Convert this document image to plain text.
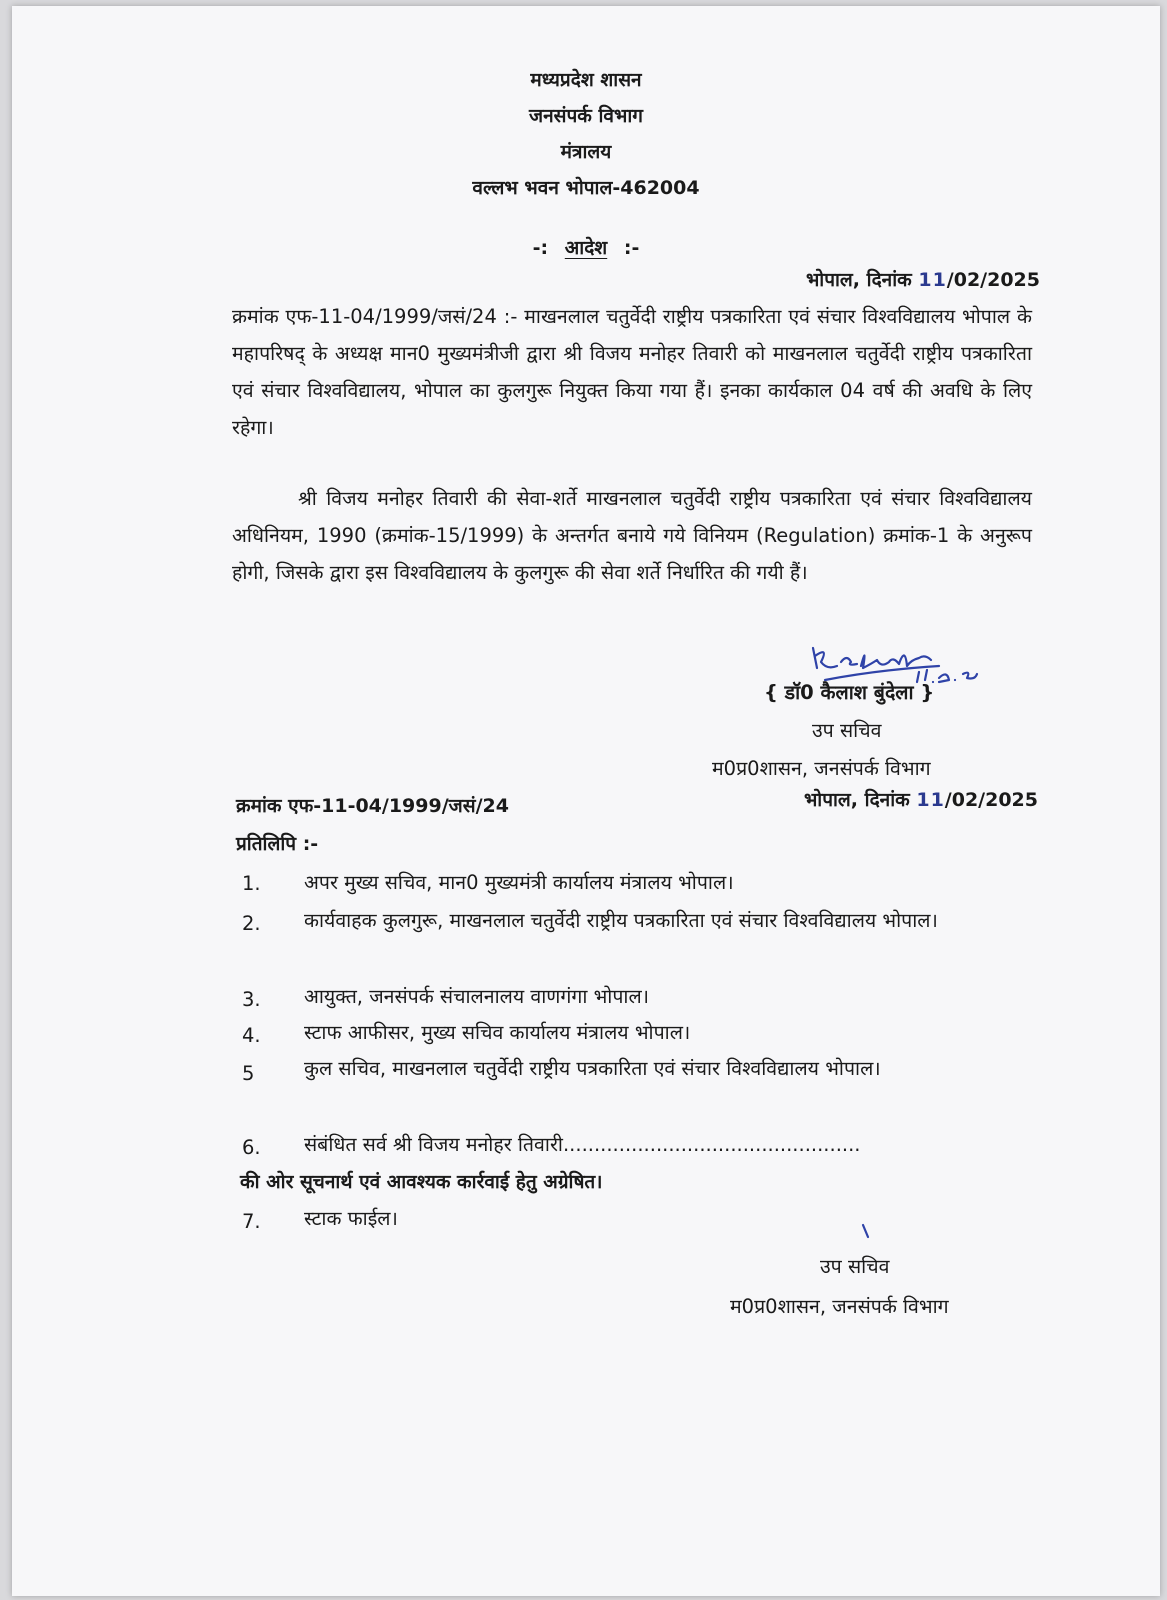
मध्यप्रदेश शासन
जनसंपर्क विभाग
मंत्रालय
वल्लभ भवन भोपाल-462004
-: आदेश :-
भोपाल, दिनांक 11/02/2025
क्रमांक एफ-11-04/1999/जसं/24 :- माखनलाल चतुर्वेदी राष्ट्रीय पत्रकारिता एवं संचार विश्वविद्यालय भोपाल के महापरिषद् के अध्यक्ष मान0 मुख्यमंत्रीजी द्वारा श्री विजय मनोहर तिवारी को माखनलाल चतुर्वेदी राष्ट्रीय पत्रकारिता एवं संचार विश्वविद्यालय, भोपाल का कुलगुरू नियुक्त किया गया हैं। इनका कार्यकाल 04 वर्ष की अवधि के लिए रहेगा।
श्री विजय मनोहर तिवारी की सेवा-शर्ते माखनलाल चतुर्वेदी राष्ट्रीय पत्रकारिता एवं संचार विश्वविद्यालय अधिनियम, 1990 (क्रमांक-15/1999) के अन्तर्गत बनाये गये विनियम (Regulation) क्रमांक-1 के अनुरूप होगी, जिसके द्वारा इस विश्वविद्यालय के कुलगुरू की सेवा शर्ते निर्धारित की गयी हैं।
{ डॉ0 कैलाश बुंदेला }
उप सचिव
म0प्र0शासन, जनसंपर्क विभाग
क्रमांक एफ-11-04/1999/जसं/24	भोपाल, दिनांक 11/02/2025
प्रतिलिपि :-
1. अपर मुख्य सचिव, मान0 मुख्यमंत्री कार्यालय मंत्रालय भोपाल।
2. कार्यवाहक कुलगुरू, माखनलाल चतुर्वेदी राष्ट्रीय पत्रकारिता एवं संचार विश्वविद्यालय भोपाल।
3. आयुक्त, जनसंपर्क संचालनालय वाणगंगा भोपाल।
4. स्टाफ आफीसर, मुख्य सचिव कार्यालय मंत्रालय भोपाल।
5	कुल सचिव, माखनलाल चतुर्वेदी राष्ट्रीय पत्रकारिता एवं संचार विश्वविद्यालय भोपाल।
6. संबंधित सर्व श्री विजय मनोहर तिवारी................................................
की ओर सूचनार्थ एवं आवश्यक कार्रवाई हेतु अग्रेषित।
7. स्टाक फाईल।
उप सचिव
म0प्र0शासन, जनसंपर्क विभाग
